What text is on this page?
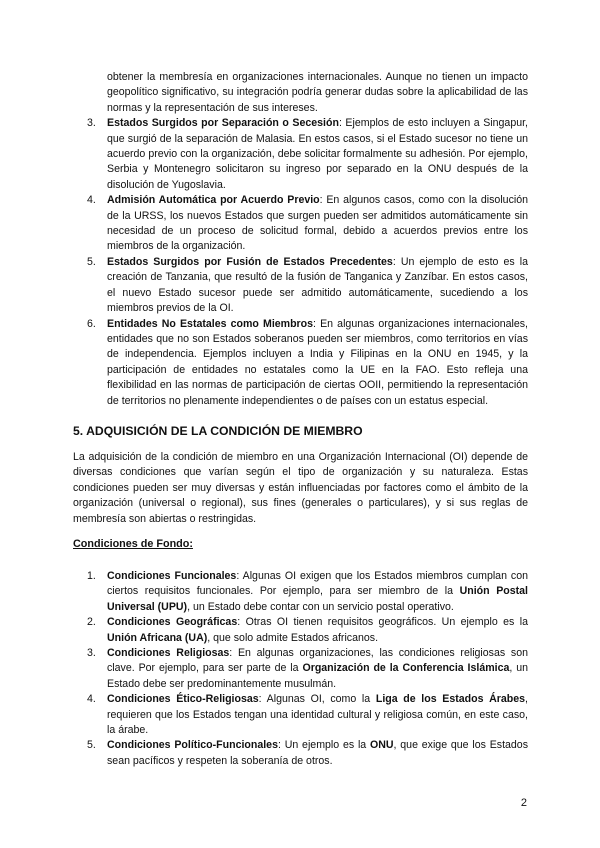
obtener la membresía en organizaciones internacionales. Aunque no tienen un impacto geopolítico significativo, su integración podría generar dudas sobre la aplicabilidad de las normas y la representación de sus intereses.
3. Estados Surgidos por Separación o Secesión: Ejemplos de esto incluyen a Singapur, que surgió de la separación de Malasia. En estos casos, si el Estado sucesor no tiene un acuerdo previo con la organización, debe solicitar formalmente su adhesión. Por ejemplo, Serbia y Montenegro solicitaron su ingreso por separado en la ONU después de la disolución de Yugoslavia.
4. Admisión Automática por Acuerdo Previo: En algunos casos, como con la disolución de la URSS, los nuevos Estados que surgen pueden ser admitidos automáticamente sin necesidad de un proceso de solicitud formal, debido a acuerdos previos entre los miembros de la organización.
5. Estados Surgidos por Fusión de Estados Precedentes: Un ejemplo de esto es la creación de Tanzania, que resultó de la fusión de Tanganica y Zanzíbar. En estos casos, el nuevo Estado sucesor puede ser admitido automáticamente, sucediendo a los miembros previos de la OI.
6. Entidades No Estatales como Miembros: En algunas organizaciones internacionales, entidades que no son Estados soberanos pueden ser miembros, como territorios en vías de independencia. Ejemplos incluyen a India y Filipinas en la ONU en 1945, y la participación de entidades no estatales como la UE en la FAO. Esto refleja una flexibilidad en las normas de participación de ciertas OOII, permitiendo la representación de territorios no plenamente independientes o de países con un estatus especial.
5. ADQUISICIÓN DE LA CONDICIÓN DE MIEMBRO

La adquisición de la condición de miembro en una Organización Internacional (OI) depende de diversas condiciones que varían según el tipo de organización y su naturaleza. Estas condiciones pueden ser muy diversas y están influenciadas por factores como el ámbito de la organización (universal o regional), sus fines (generales o particulares), y si sus reglas de membresía son abiertas o restringidas.

Condiciones de Fondo:
1. Condiciones Funcionales: Algunas OI exigen que los Estados miembros cumplan con ciertos requisitos funcionales. Por ejemplo, para ser miembro de la Unión Postal Universal (UPU), un Estado debe contar con un servicio postal operativo.
2. Condiciones Geográficas: Otras OI tienen requisitos geográficos. Un ejemplo es la Unión Africana (UA), que solo admite Estados africanos.
3. Condiciones Religiosas: En algunas organizaciones, las condiciones religiosas son clave. Por ejemplo, para ser parte de la Organización de la Conferencia Islámica, un Estado debe ser predominantemente musulmán.
4. Condiciones Ético-Religiosas: Algunas OI, como la Liga de los Estados Árabes, requieren que los Estados tengan una identidad cultural y religiosa común, en este caso, la árabe.
5. Condiciones Político-Funcionales: Un ejemplo es la ONU, que exige que los Estados sean pacíficos y respeten la soberanía de otros.
2
